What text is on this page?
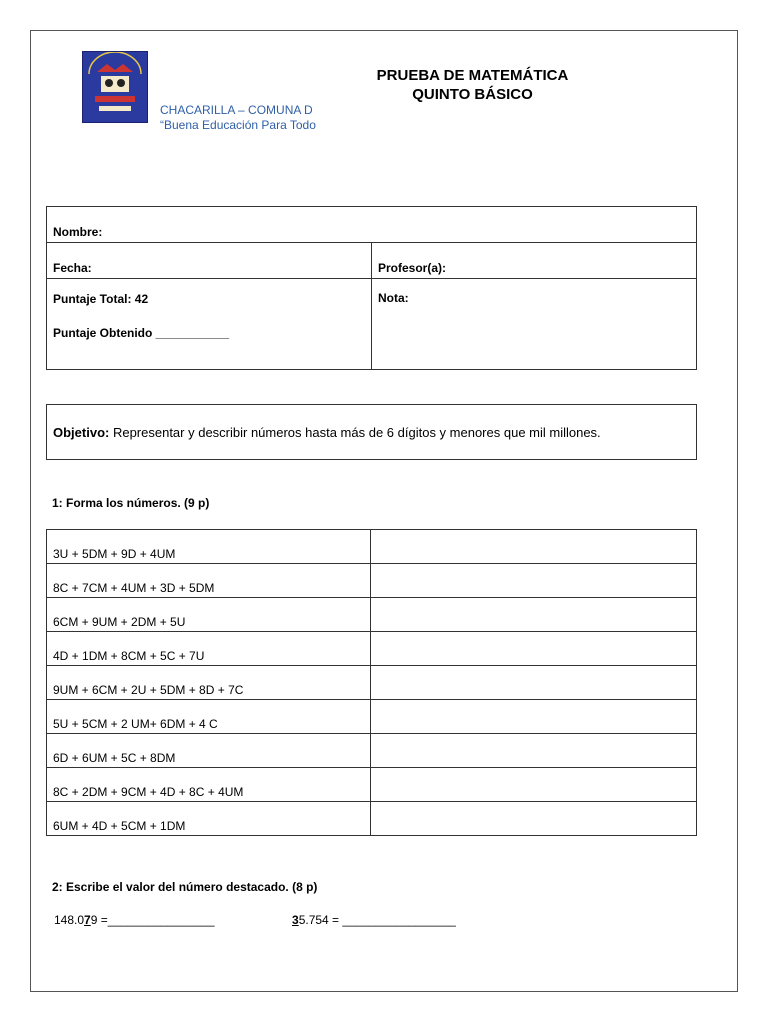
CHACARILLA – COMUNA D
“Buena Educación Para Todo
PRUEBA DE MATEMÁTICA
QUINTO BÁSICO
Nombre:	
Fecha:	Profesor(a):

Puntaje Total: 42
Puntaje Obtenido ___________	Nota:
Objetivo: Representar y describir números hasta más de 6 dígitos y menores que mil millones.
1: Forma los números. (9 p)
3U + 5DM + 9D + 4UM	
8C + 7CM + 4UM + 3D + 5DM	
6CM + 9UM + 2DM + 5U	
4D + 1DM + 8CM + 5C + 7U	
9UM + 6CM + 2U + 5DM + 8D + 7C	
5U + 5CM + 2 UM+ 6DM + 4 C	
6D + 6UM + 5C + 8DM	
8C + 2DM + 9CM + 4D + 8C + 4UM	
6UM + 4D + 5CM + 1DM	
2: Escribe el valor del número destacado. (8 p)
148.079 =________________	35.754 = _________________
